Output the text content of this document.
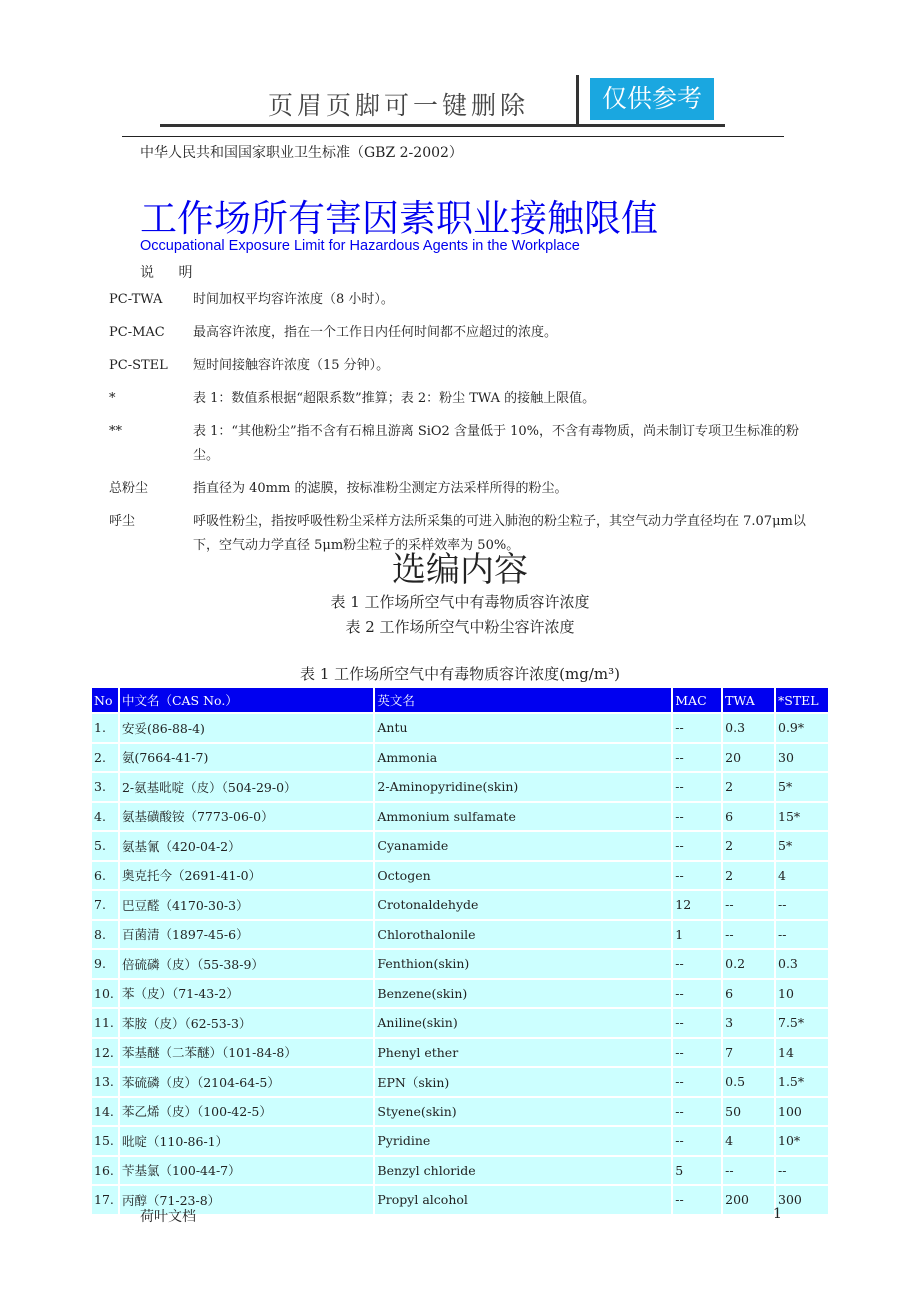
页眉页脚可一键删除	仅供参考
中华人民共和国国家职业卫生标准（GBZ 2-2002）
工作场所有害因素职业接触限值
Occupational Exposure Limit for Hazardous Agents in the Workplace
说 明
PC-TWA	时间加权平均容许浓度（8 小时）。
PC-MAC	最高容许浓度，指在一个工作日内任何时间都不应超过的浓度。
PC-STEL	短时间接触容许浓度（15 分钟）。
*	表 1：数值系根据“超限系数”推算；表 2：粉尘 TWA 的接触上限值。
**	表 1：“其他粉尘”指不含有石棉且游离 SiO2 含量低于 10%，不含有毒物质，尚未制订专项卫生标准的粉尘。
总粉尘	指直径为 40mm 的滤膜，按标准粉尘测定方法采样所得的粉尘。
呼尘	呼吸性粉尘，指按呼吸性粉尘采样方法所采集的可进入肺泡的粉尘粒子，其空气动力学直径均在 7.07μm以下，空气动力学直径 5μm粉尘粒子的采样效率为 50%。
选编内容
表 1 工作场所空气中有毒物质容许浓度
表 2 工作场所空气中粉尘容许浓度
表 1 工作场所空气中有毒物质容许浓度(mg/m³)
No	中文名（CAS No.）	英文名	MAC	TWA	*STEL
1.	安妥(86-88-4)	Antu	--	0.3	0.9*
2.	氨(7664-41-7)	Ammonia	--	20	30
3.	2-氨基吡啶（皮）（504-29-0）	2-Aminopyridine(skin)	--	2	5*
4.	氨基磺酸铵（7773-06-0）	Ammonium sulfamate	--	6	15*
5.	氨基氰（420-04-2）	Cyanamide	--	2	5*
6.	奥克托今（2691-41-0）	Octogen	--	2	4
7.	巴豆醛（4170-30-3）	Crotonaldehyde	12	--	--
8.	百菌清（1897-45-6）	Chlorothalonile	1	--	--
9.	倍硫磷（皮）（55-38-9）	Fenthion(skin)	--	0.2	0.3
10.	苯（皮）（71-43-2）	Benzene(skin)	--	6	10
11.	苯胺（皮）（62-53-3）	Aniline(skin)	--	3	7.5*
12.	苯基醚（二苯醚）（101-84-8）	Phenyl ether	--	7	14
13.	苯硫磷（皮）（2104-64-5）	EPN（skin)	--	0.5	1.5*
14.	苯乙烯（皮）（100-42-5）	Styene(skin)	--	50	100
15.	吡啶（110-86-1）	Pyridine	--	4	10*
16.	苄基氯（100-44-7）	Benzyl chloride	5	--	--
17.	丙醇（71-23-8）	Propyl alcohol	--	200	300
荷叶文档	1
